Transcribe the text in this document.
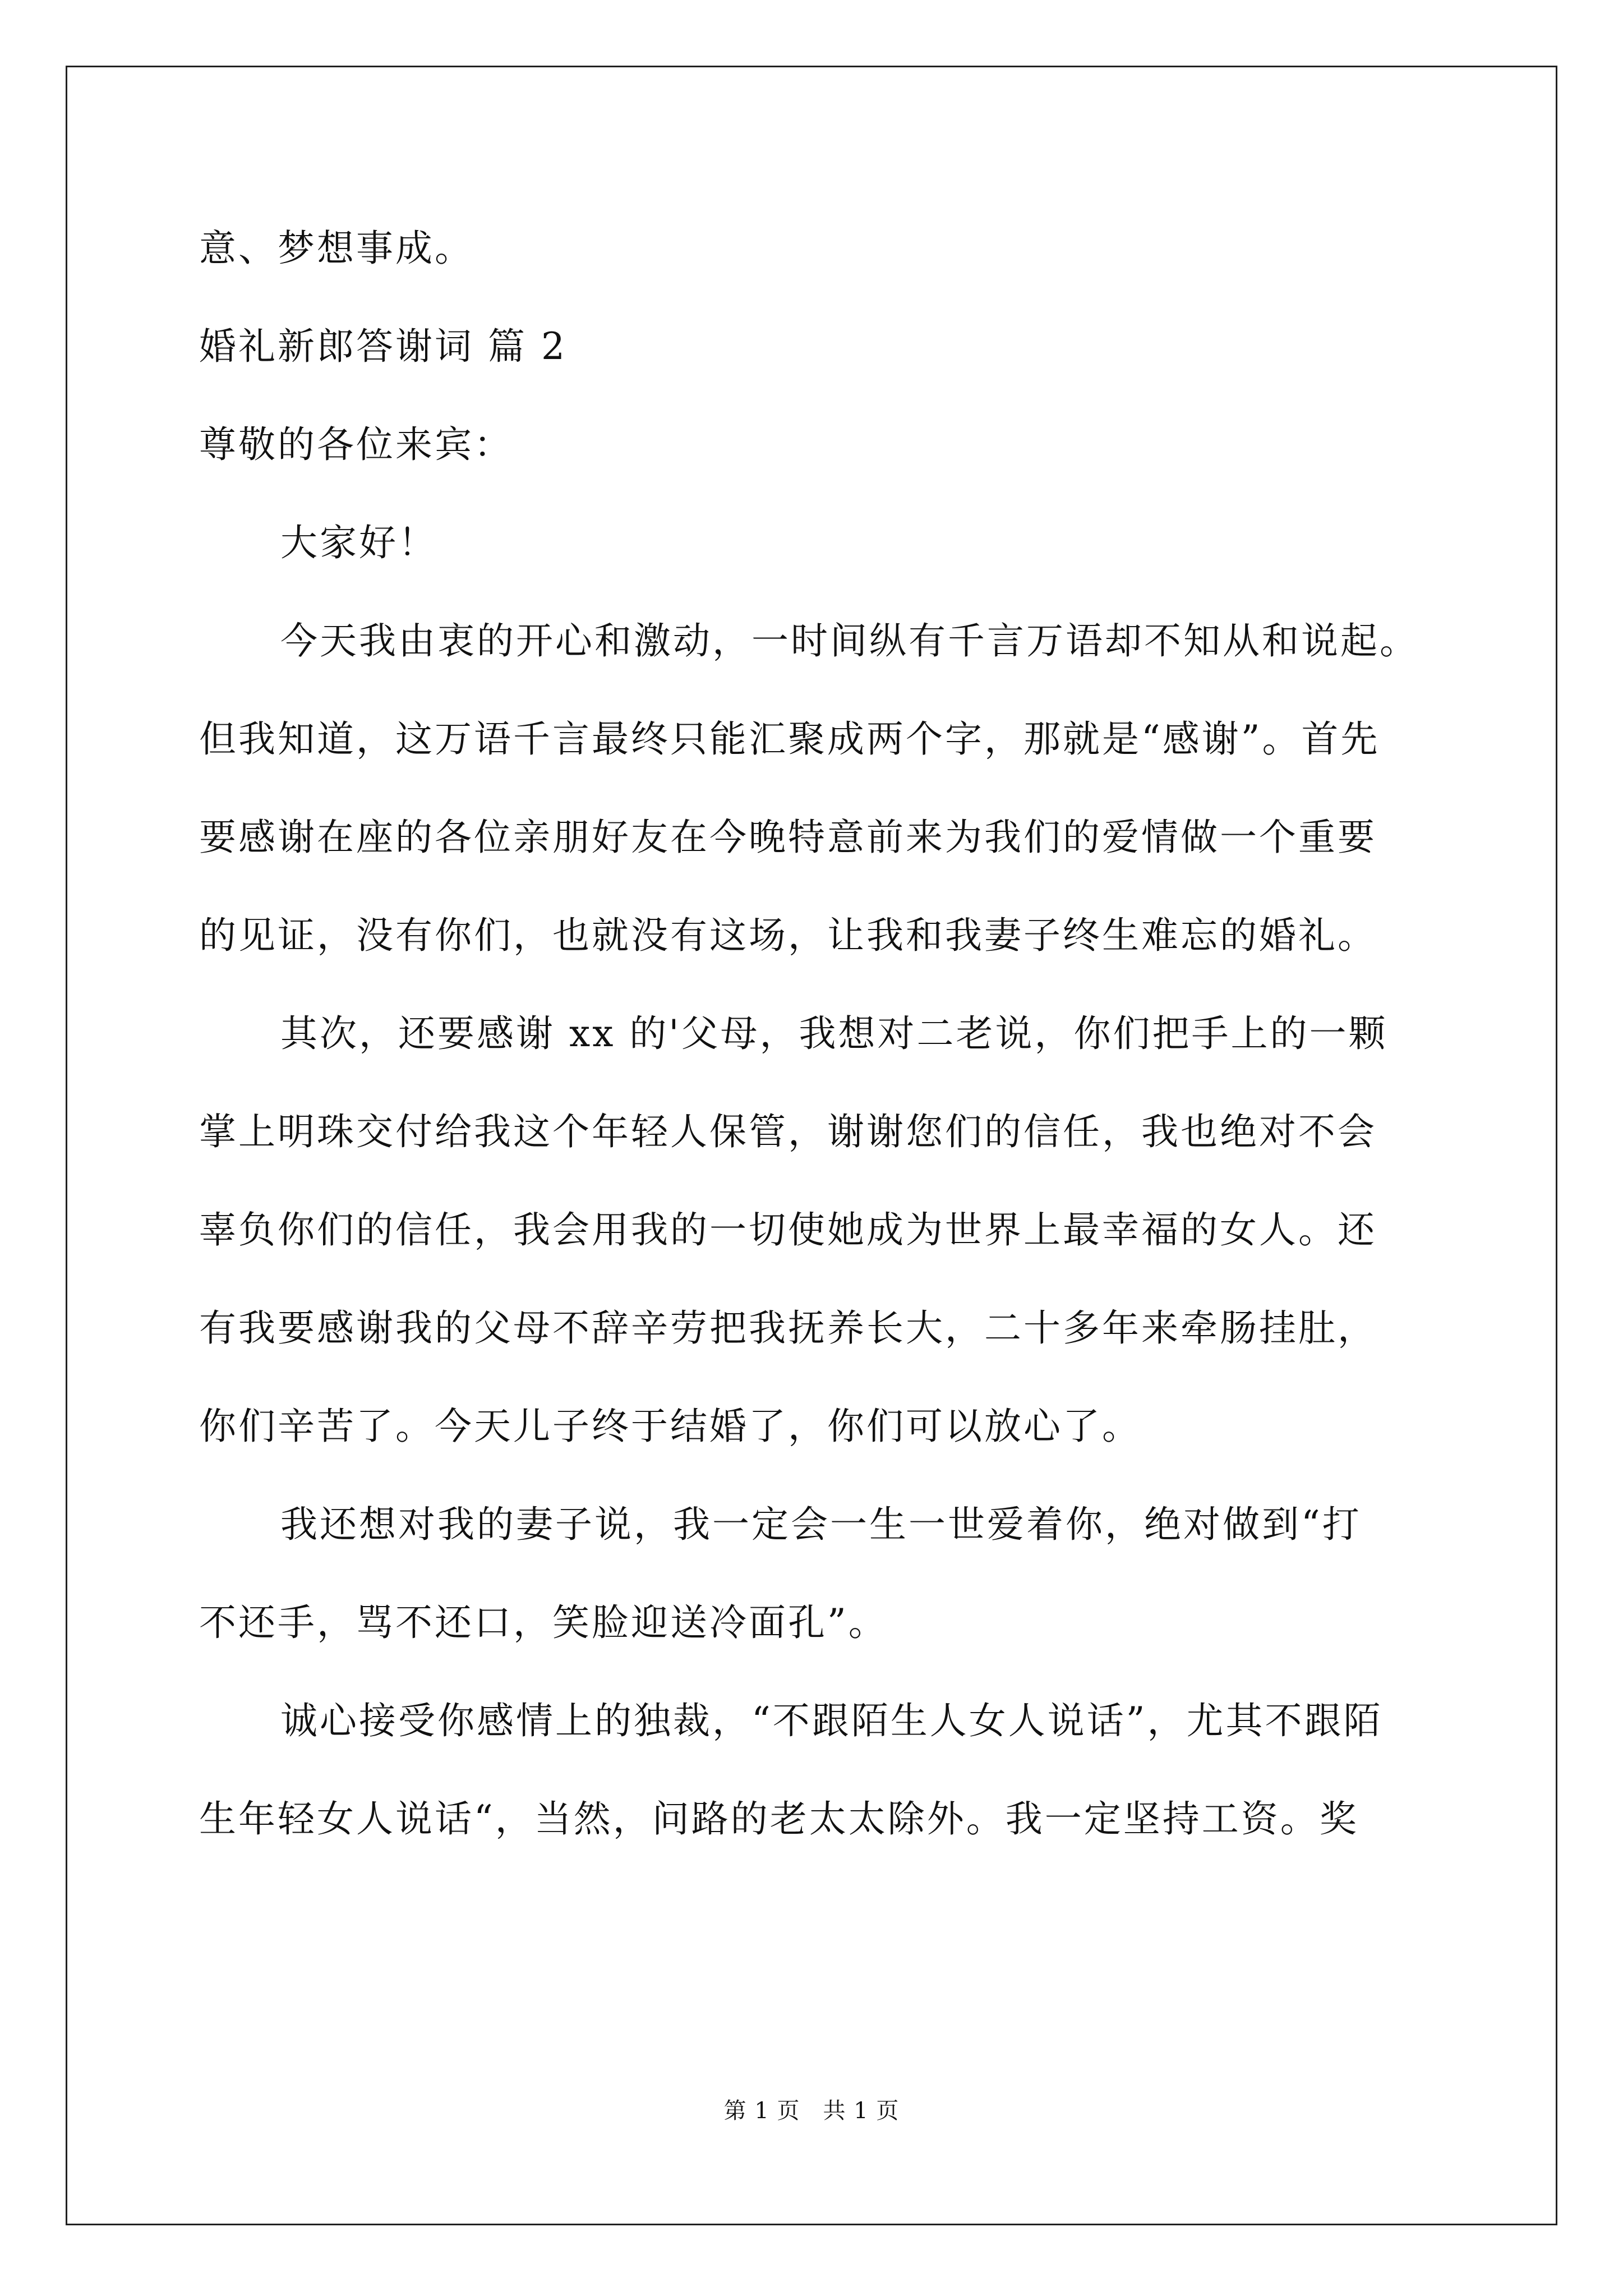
意、梦想事成。
婚礼新郎答谢词 篇 2
尊敬的各位来宾：
大家好！
今天我由衷的开心和激动，一时间纵有千言万语却不知从和说起。
但我知道，这万语千言最终只能汇聚成两个字，那就是“感谢”。首先
要感谢在座的各位亲朋好友在今晚特意前来为我们的爱情做一个重要
的见证，没有你们，也就没有这场，让我和我妻子终生难忘的婚礼。
其次，还要感谢 xx 的'父母，我想对二老说，你们把手上的一颗
掌上明珠交付给我这个年轻人保管，谢谢您们的信任，我也绝对不会
辜负你们的信任，我会用我的一切使她成为世界上最幸福的女人。还
有我要感谢我的父母不辞辛劳把我抚养长大，二十多年来牵肠挂肚，
你们辛苦了。今天儿子终于结婚了，你们可以放心了。
我还想对我的妻子说，我一定会一生一世爱着你，绝对做到“打
不还手，骂不还口，笑脸迎送冷面孔”。
诚心接受你感情上的独裁，“不跟陌生人女人说话”，尤其不跟陌
生年轻女人说话“，当然，问路的老太太除外。我一定坚持工资。奖
第 1 页　共 1 页
